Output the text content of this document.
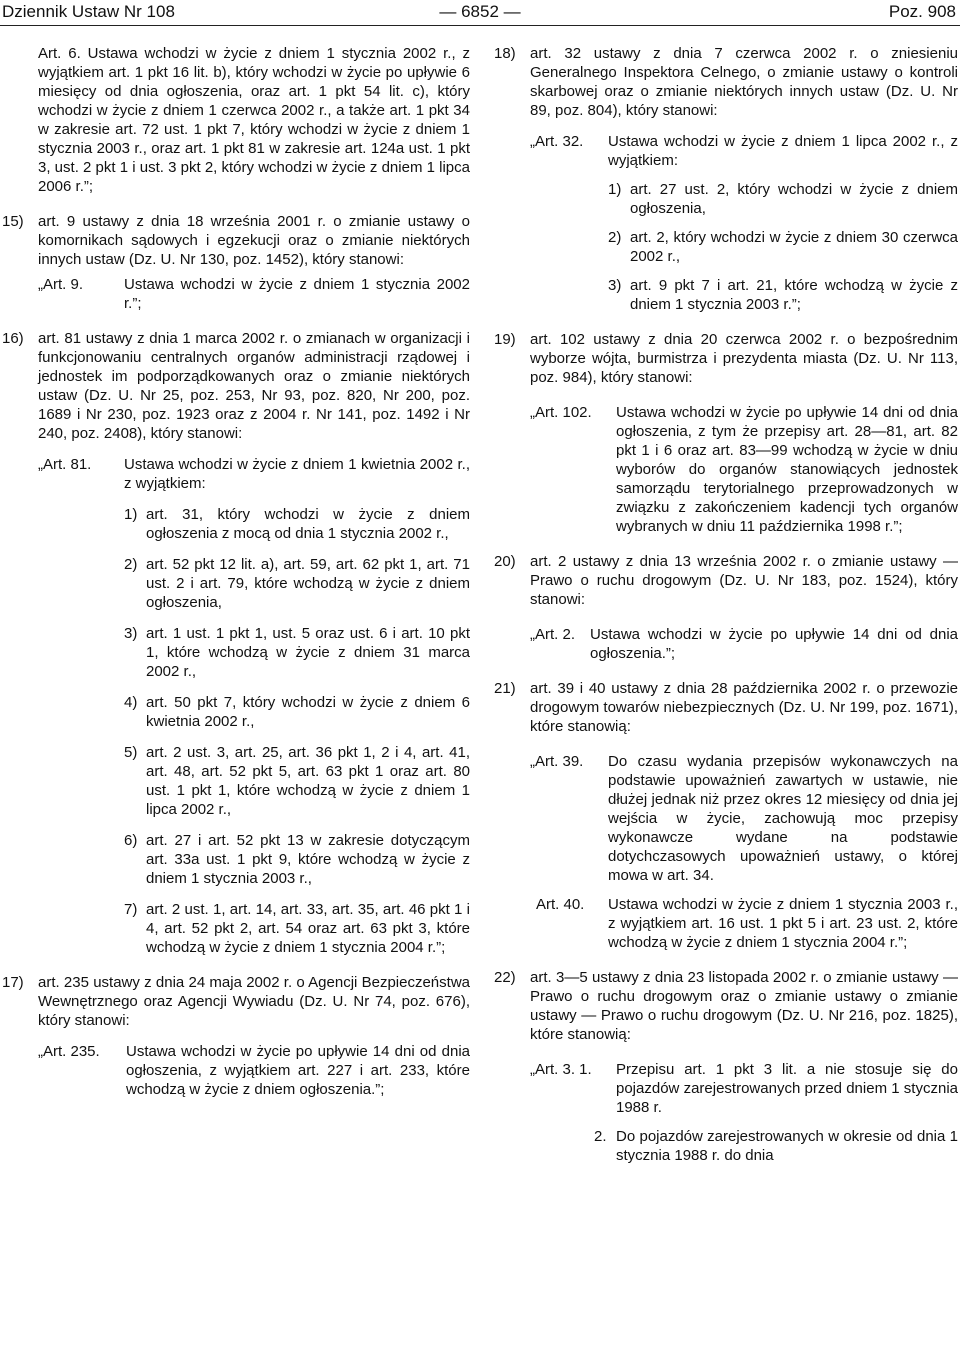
Dziennik Ustaw Nr 108	— 6852 —	Poz. 908

Art. 6. Ustawa wchodzi w życie z dniem 1 stycznia 2002 r., z wyjątkiem art. 1 pkt 16 lit. b), który wchodzi w życie po upływie 6 miesięcy od dnia ogłoszenia, oraz art. 1 pkt 54 lit. c), który wchodzi w życie z dniem 1 czerwca 2002 r., a także art. 1 pkt 34 w zakresie art. 72 ust. 1 pkt 7, który wchodzi w życie z dniem 1 stycznia 2003 r., oraz art. 1 pkt 81 w zakresie art. 124a ust. 1 pkt 3, ust. 2 pkt 1 i ust. 3 pkt 2, który wchodzi w życie z dniem 1 lipca 2006 r.”;

15) art. 9 ustawy z dnia 18 września 2001 r. o zmianie ustawy o komornikach sądowych i egzekucji oraz o zmianie niektórych innych ustaw (Dz. U. Nr 130, poz. 1452), który stanowi:
„Art. 9.	Ustawa wchodzi w życie z dniem 1 stycznia 2002 r.”;
16) art. 81 ustawy z dnia 1 marca 2002 r. o zmianach w organizacji i funkcjonowaniu centralnych organów administracji rządowej i jednostek im podporządkowanych oraz o zmianie niektórych ustaw (Dz. U. Nr 25, poz. 253, Nr 93, poz. 820, Nr 200, poz. 1689 i Nr 230, poz. 1923 oraz z 2004 r. Nr 141, poz. 1492 i Nr 240, poz. 2408), który stanowi:
„Art. 81. Ustawa wchodzi w życie z dniem 1 kwietnia 2002 r., z wyjątkiem:
1) art. 31, który wchodzi w życie z dniem ogłoszenia z mocą od dnia 1 stycznia 2002 r.,
2) art. 52 pkt 12 lit. a), art. 59, art. 62 pkt 1, art. 71 ust. 2 i art. 79, które wchodzą w życie z dniem ogłoszenia,
3) art. 1 ust. 1 pkt 1, ust. 5 oraz ust. 6 i art. 10 pkt 1, które wchodzą w życie z dniem 31 marca 2002 r.,
4) art. 50 pkt 7, który wchodzi w życie z dniem 6 kwietnia 2002 r.,
5) art. 2 ust. 3, art. 25, art. 36 pkt 1, 2 i 4, art. 41, art. 48, art. 52 pkt 5, art. 63 pkt 1 oraz art. 80 ust. 1 pkt 1, które wchodzą w życie z dniem 1 lipca 2002 r.,
6) art. 27 i art. 52 pkt 13 w zakresie dotyczącym art. 33a ust. 1 pkt 9, które wchodzą w życie z dniem 1 stycznia 2003 r.,
7) art. 2 ust. 1, art. 14, art. 33, art. 35, art. 46 pkt 1 i 4, art. 52 pkt 2, art. 54 oraz art. 63 pkt 3, które wchodzą w życie z dniem 1 stycznia 2004 r.”;
17) art. 235 ustawy z dnia 24 maja 2002 r. o Agencji Bezpieczeństwa Wewnętrznego oraz Agencji Wywiadu (Dz. U. Nr 74, poz. 676), który stanowi:
„Art. 235. Ustawa wchodzi w życie po upływie 14 dni od dnia ogłoszenia, z wyjątkiem art. 227 i art. 233, które wchodzą w życie z dniem ogłoszenia.”;
18) art. 32 ustawy z dnia 7 czerwca 2002 r. o zniesieniu Generalnego Inspektora Celnego, o zmianie ustawy o kontroli skarbowej oraz o zmianie niektórych innych ustaw (Dz. U. Nr 89, poz. 804), który stanowi:
„Art. 32. Ustawa wchodzi w życie z dniem 1 lipca 2002 r., z wyjątkiem:
1) art. 27 ust. 2, który wchodzi w życie z dniem ogłoszenia,
2) art. 2, który wchodzi w życie z dniem 30 czerwca 2002 r.,
3) art. 9 pkt 7 i art. 21, które wchodzą w życie z dniem 1 stycznia 2003 r.”;
19) art. 102 ustawy z dnia 20 czerwca 2002 r. o bezpośrednim wyborze wójta, burmistrza i prezydenta miasta (Dz. U. Nr 113, poz. 984), który stanowi:
„Art. 102. Ustawa wchodzi w życie po upływie 14 dni od dnia ogłoszenia, z tym że przepisy art. 28—81, art. 82 pkt 1 i 6 oraz art. 83—99 wchodzą w życie w dniu wyborów do organów stanowiących jednostek samorządu terytorialnego przeprowadzonych w związku z zakończeniem kadencji tych organów wybranych w dniu 11 października 1998 r.”;
20) art. 2 ustawy z dnia 13 września 2002 r. o zmianie ustawy — Prawo o ruchu drogowym (Dz. U. Nr 183, poz. 1524), który stanowi:
„Art. 2. Ustawa wchodzi w życie po upływie 14 dni od dnia ogłoszenia.”;
21) art. 39 i 40 ustawy z dnia 28 października 2002 r. o przewozie drogowym towarów niebezpiecznych (Dz. U. Nr 199, poz. 1671), które stanowią:
„Art. 39. Do czasu wydania przepisów wykonawczych na podstawie upoważnień zawartych w ustawie, nie dłużej jednak niż przez okres 12 miesięcy od dnia jej wejścia w życie, zachowują moc przepisy wykonawcze wydane na podstawie dotychczasowych upoważnień ustawy, o której mowa w art. 34.
Art. 40. Ustawa wchodzi w życie z dniem 1 stycznia 2003 r., z wyjątkiem art. 16 ust. 1 pkt 5 i art. 23 ust. 2, które wchodzą w życie z dniem 1 stycznia 2004 r.”;
22) art. 3—5 ustawy z dnia 23 listopada 2002 r. o zmianie ustawy — Prawo o ruchu drogowym oraz o zmianie ustawy o zmianie ustawy — Prawo o ruchu drogowym (Dz. U. Nr 216, poz. 1825), które stanowią:
„Art. 3. 1. Przepisu art. 1 pkt 3 lit. a nie stosuje się do pojazdów zarejestrowanych przed dniem 1 stycznia 1988 r.
2. Do pojazdów zarejestrowanych w okresie od dnia 1 stycznia 1988 r. do dnia
